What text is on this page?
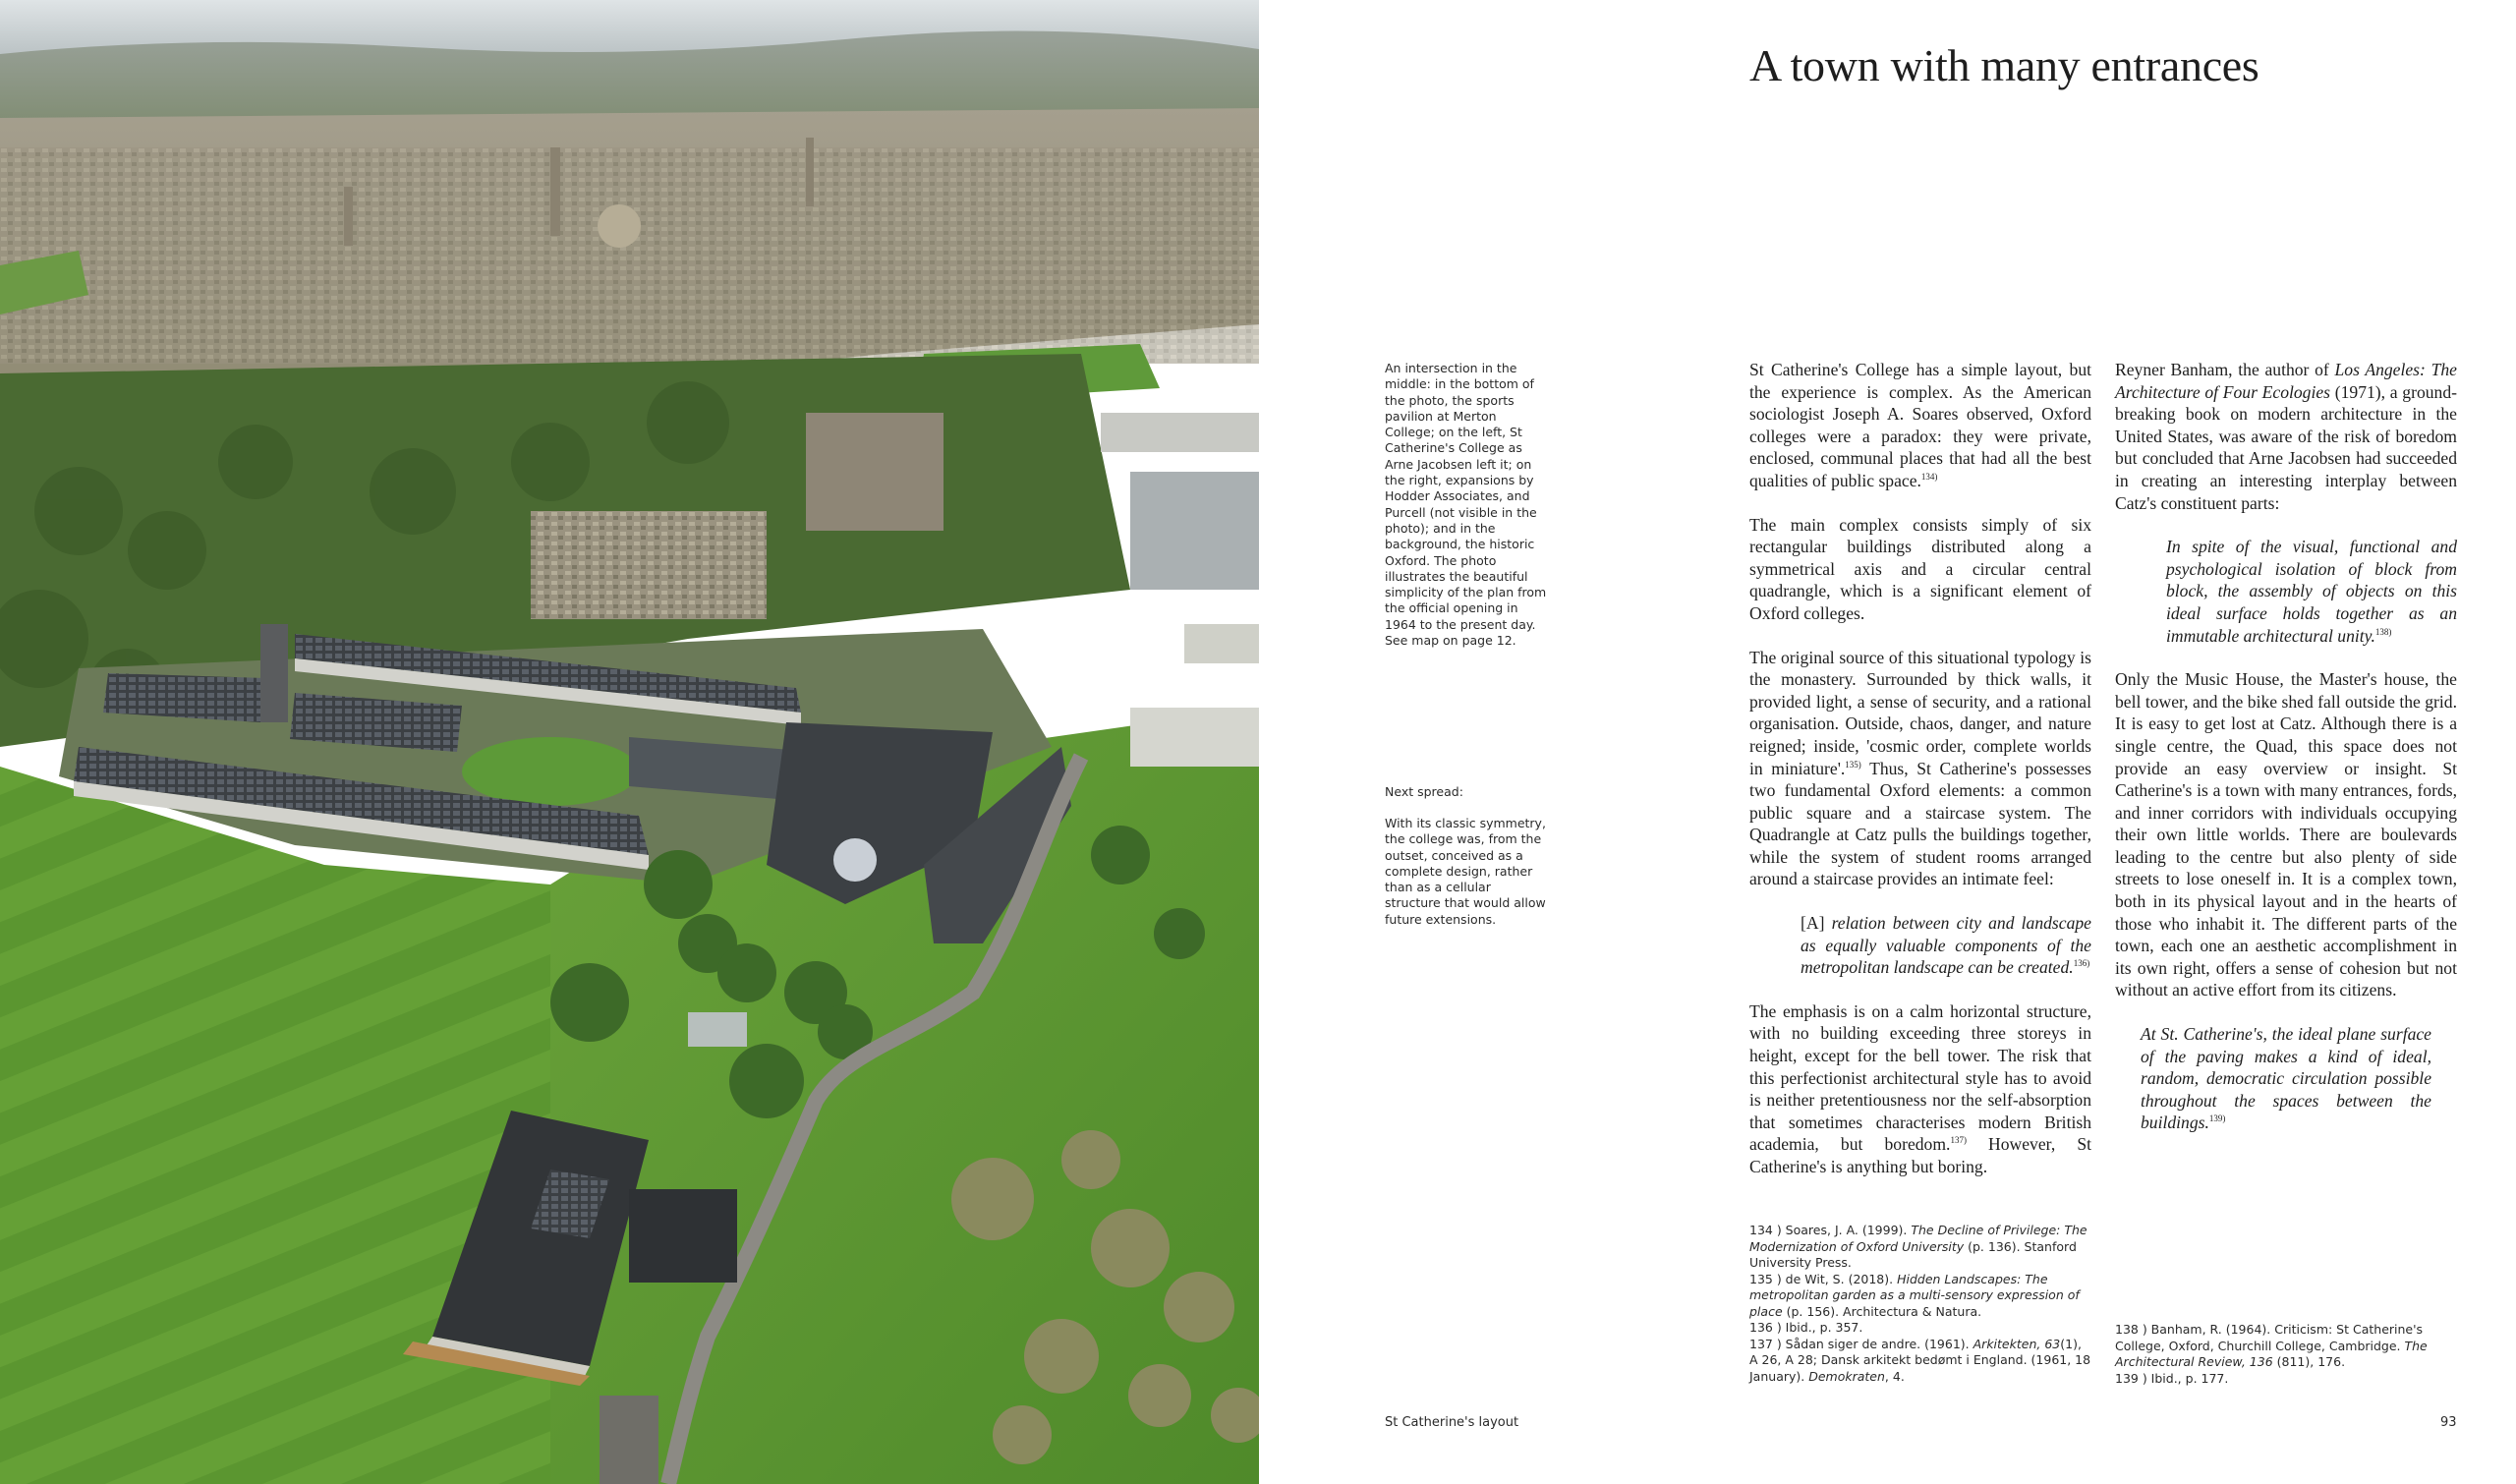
A town with many entrances

An intersection in the middle: in the bottom of the photo, the sports pavilion at Merton College; on the left, St Catherine's College as Arne Jacobsen left it; on the right, expansions by Hodder Associates, and Purcell (not visible in the photo); and in the background, the historic Oxford. The photo illustrates the beautiful simplicity of the plan from the official opening in 1964 to the present day. See map on page 12.

Next spread:

With its classic symmetry, the college was, from the outset, conceived as a complete design, rather than as a cellular structure that would allow future extensions.

St Catherine's College has a simple layout, but the experience is complex. As the American sociologist Joseph A. Soares observed, Oxford colleges were a paradox: they were private, enclosed, communal places that had all the best qualities of public space.$^{134)}$

The main complex consists simply of six rectangular buildings distributed along a symmetrical axis and a circular central quadrangle, which is a significant element of Oxford colleges.

The original source of this situational typology is the monastery. Surrounded by thick walls, it provided light, a sense of security, and a rational organisation. Outside, chaos, danger, and nature reigned; inside, 'cosmic order, complete worlds in miniature'.$^{135)}$ Thus, St Catherine's possesses two fundamental Oxford elements: a common public square and a staircase system. The Quadrangle at Catz pulls the buildings together, while the system of student rooms arranged around a staircase provides an intimate feel:

[A] relation between city and landscape as equally valuable components of the metropolitan landscape can be created.$^{136)}$

The emphasis is on a calm horizontal structure, with no building exceeding three storeys in height, except for the bell tower. The risk that this perfectionist architectural style has to avoid is neither pretentiousness nor the self-absorption that sometimes characterises modern British academia, but boredom.$^{137)}$ However, St Catherine's is anything but boring.

Reyner Banham, the author of Los Angeles: The Architecture of Four Ecologies (1971), a ground-breaking book on modern architecture in the United States, was aware of the risk of boredom but concluded that Arne Jacobsen had succeeded in creating an interesting interplay between Catz's constituent parts:

In spite of the visual, functional and psychological isolation of block from block, the assembly of objects on this ideal surface holds together as an immutable architectural unity.$^{138)}$

Only the Music House, the Master's house, the bell tower, and the bike shed fall outside the grid. It is easy to get lost at Catz. Although there is a single centre, the Quad, this space does not provide an easy overview or insight. St Catherine's is a town with many entrances, fords, and inner corridors with individuals occupying their own little worlds. There are boulevards leading to the centre but also plenty of side streets to lose oneself in. It is a complex town, both in its physical layout and in the hearts of those who inhabit it. The different parts of the town, each one an aesthetic accomplishment in its own right, offers a sense of cohesion but not without an active effort from its citizens.

At St. Catherine's, the ideal plane surface of the paving makes a kind of ideal, random, democratic circulation possible throughout the spaces between the buildings.$^{139)}$

134 ) Soares, J. A. (1999). The Decline of Privilege: The Modernization of Oxford University (p. 136). Stanford University Press.
135 ) de Wit, S. (2018). Hidden Landscapes: The metropolitan garden as a multi-sensory expression of place (p. 156). Architectura & Natura.
136 ) Ibid., p. 357.
137 ) Sådan siger de andre. (1961). Arkitekten, 63(1), A 26, A 28; Dansk arkitekt bedømt i England. (1961, 18 January). Demokraten, 4.
138 ) Banham, R. (1964). Criticism: St Catherine's College, Oxford, Churchill College, Cambridge. The Architectural Review, 136 (811), 176.
139 ) Ibid., p. 177.

St Catherine's layout	93
